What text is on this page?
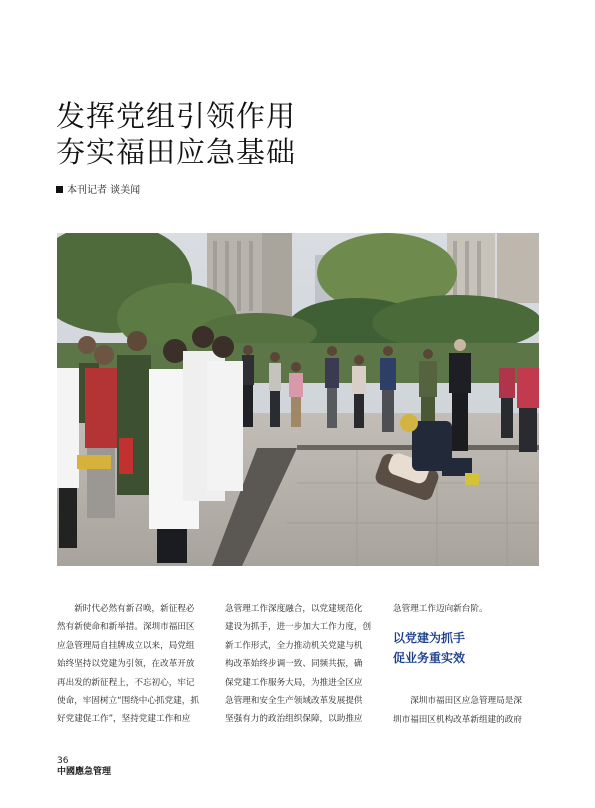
发挥党组引领作用
夯实福田应急基础
本刊记者 谈美闻

新时代必然有新召唤，新征程必

然有新使命和新举措。深圳市福田区

应急管理局自挂牌成立以来，局党组

始终坚持以党建为引领，在改革开放

再出发的新征程上，不忘初心，牢记

使命，牢固树立“围绕中心抓党建，抓

好党建促工作”，坚持党建工作和应

急管理工作深度融合，以党建规范化

建设为抓手，进一步加大工作力度，创

新工作形式，全力推动机关党建与机

构改革始终步调一致、同频共振，确

保党建工作服务大局，为推进全区应

急管理和安全生产领域改革发展提供

坚强有力的政治组织保障，以助推应

急管理工作迈向新台阶。

以党建为抓手
促业务重实效

深圳市福田区应急管理局是深

圳市福田区机构改革新组建的政府

36
中國應急管理
